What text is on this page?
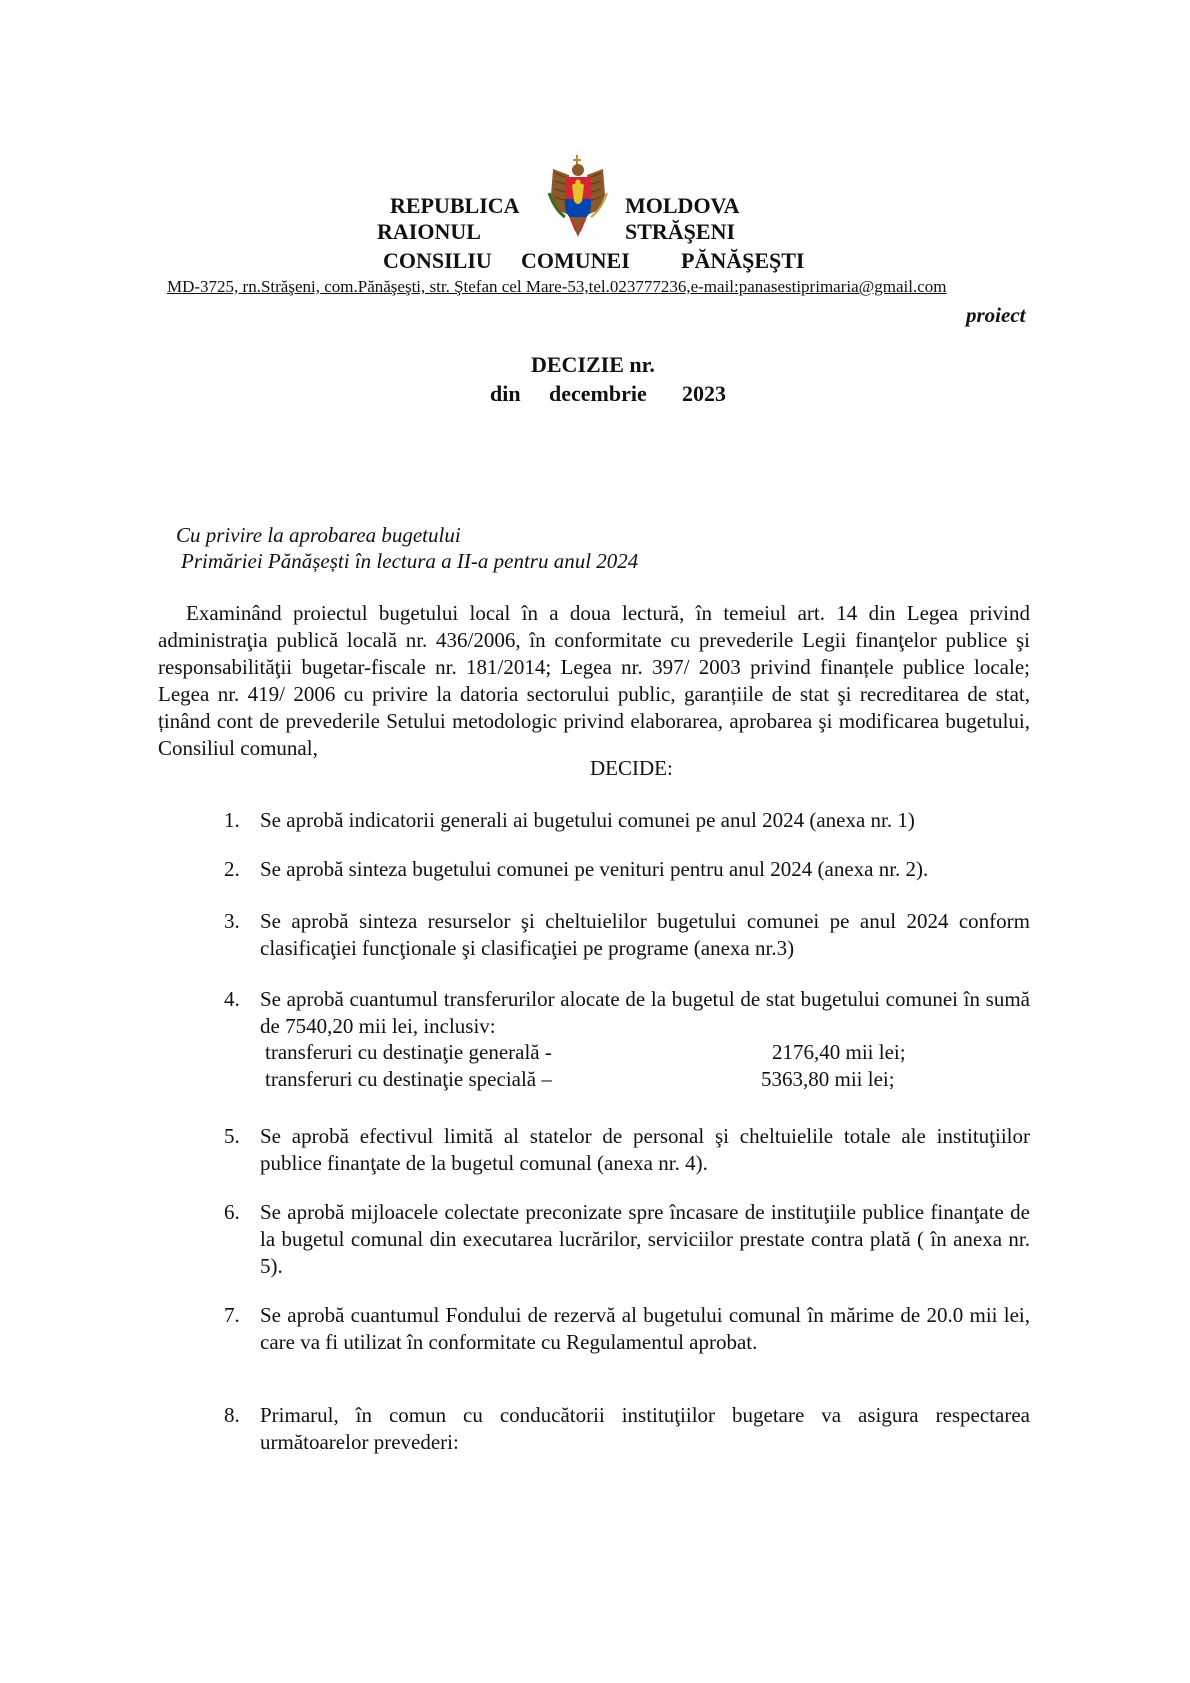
REPUBLICA
RAIONUL
MOLDOVA
STRĂŞENI
CONSILIU COMUNEI PĂNĂŞEŞTI
MD-3725, rn.Străşeni, com.Pănăşeşti, str. Ştefan cel Mare-53,tel.023777236,e-mail:panasestiprimaria@gmail.com
proiect
DECIZIE nr.
din decembrie 2023
Cu privire la aprobarea bugetului
Primăriei Pănășești în lectura a II-a pentru anul 2024
Examinând proiectul bugetului local în a doua lectură, în temeiul art. 14 din Legea privind administraţia publică locală nr. 436/2006, în conformitate cu prevederile Legii finanţelor publice şi responsabilităţii bugetar-fiscale nr. 181/2014; Legea nr. 397/ 2003 privind finanțele publice locale; Legea nr. 419/ 2006 cu privire la datoria sectorului public, garanțiile de stat şi recreditarea de stat, ținând cont de prevederile Setului metodologic privind elaborarea, aprobarea şi modificarea bugetului, Consiliul comunal,
DECIDE:
1. Se aprobă indicatorii generali ai bugetului comunei pe anul 2024 (anexa nr. 1)
2. Se aprobă sinteza bugetului comunei pe venituri pentru anul 2024 (anexa nr. 2).
3. Se aprobă sinteza resurselor şi cheltuielilor bugetului comunei pe anul 2024 conform clasificaţiei funcţionale şi clasificaţiei pe programe (anexa nr.3)
4. Se aprobă cuantumul transferurilor alocate de la bugetul de stat bugetului comunei în sumă de 7540,20 mii lei, inclusiv:
transferuri cu destinaţie generală -	2176,40 mii lei;
transferuri cu destinaţie specială –	5363,80 mii lei;
5. Se aprobă efectivul limită al statelor de personal şi cheltuielile totale ale instituţiilor publice finanţate de la bugetul comunal (anexa nr. 4).
6. Se aprobă mijloacele colectate preconizate spre încasare de instituţiile publice finanţate de la bugetul comunal din executarea lucrărilor, serviciilor prestate contra plată ( în anexa nr. 5).
7. Se aprobă cuantumul Fondului de rezervă al bugetului comunal în mărime de 20.0 mii lei, care va fi utilizat în conformitate cu Regulamentul aprobat.
8. Primarul, în comun cu conducătorii instituţiilor bugetare va asigura respectarea următoarelor prevederi:
